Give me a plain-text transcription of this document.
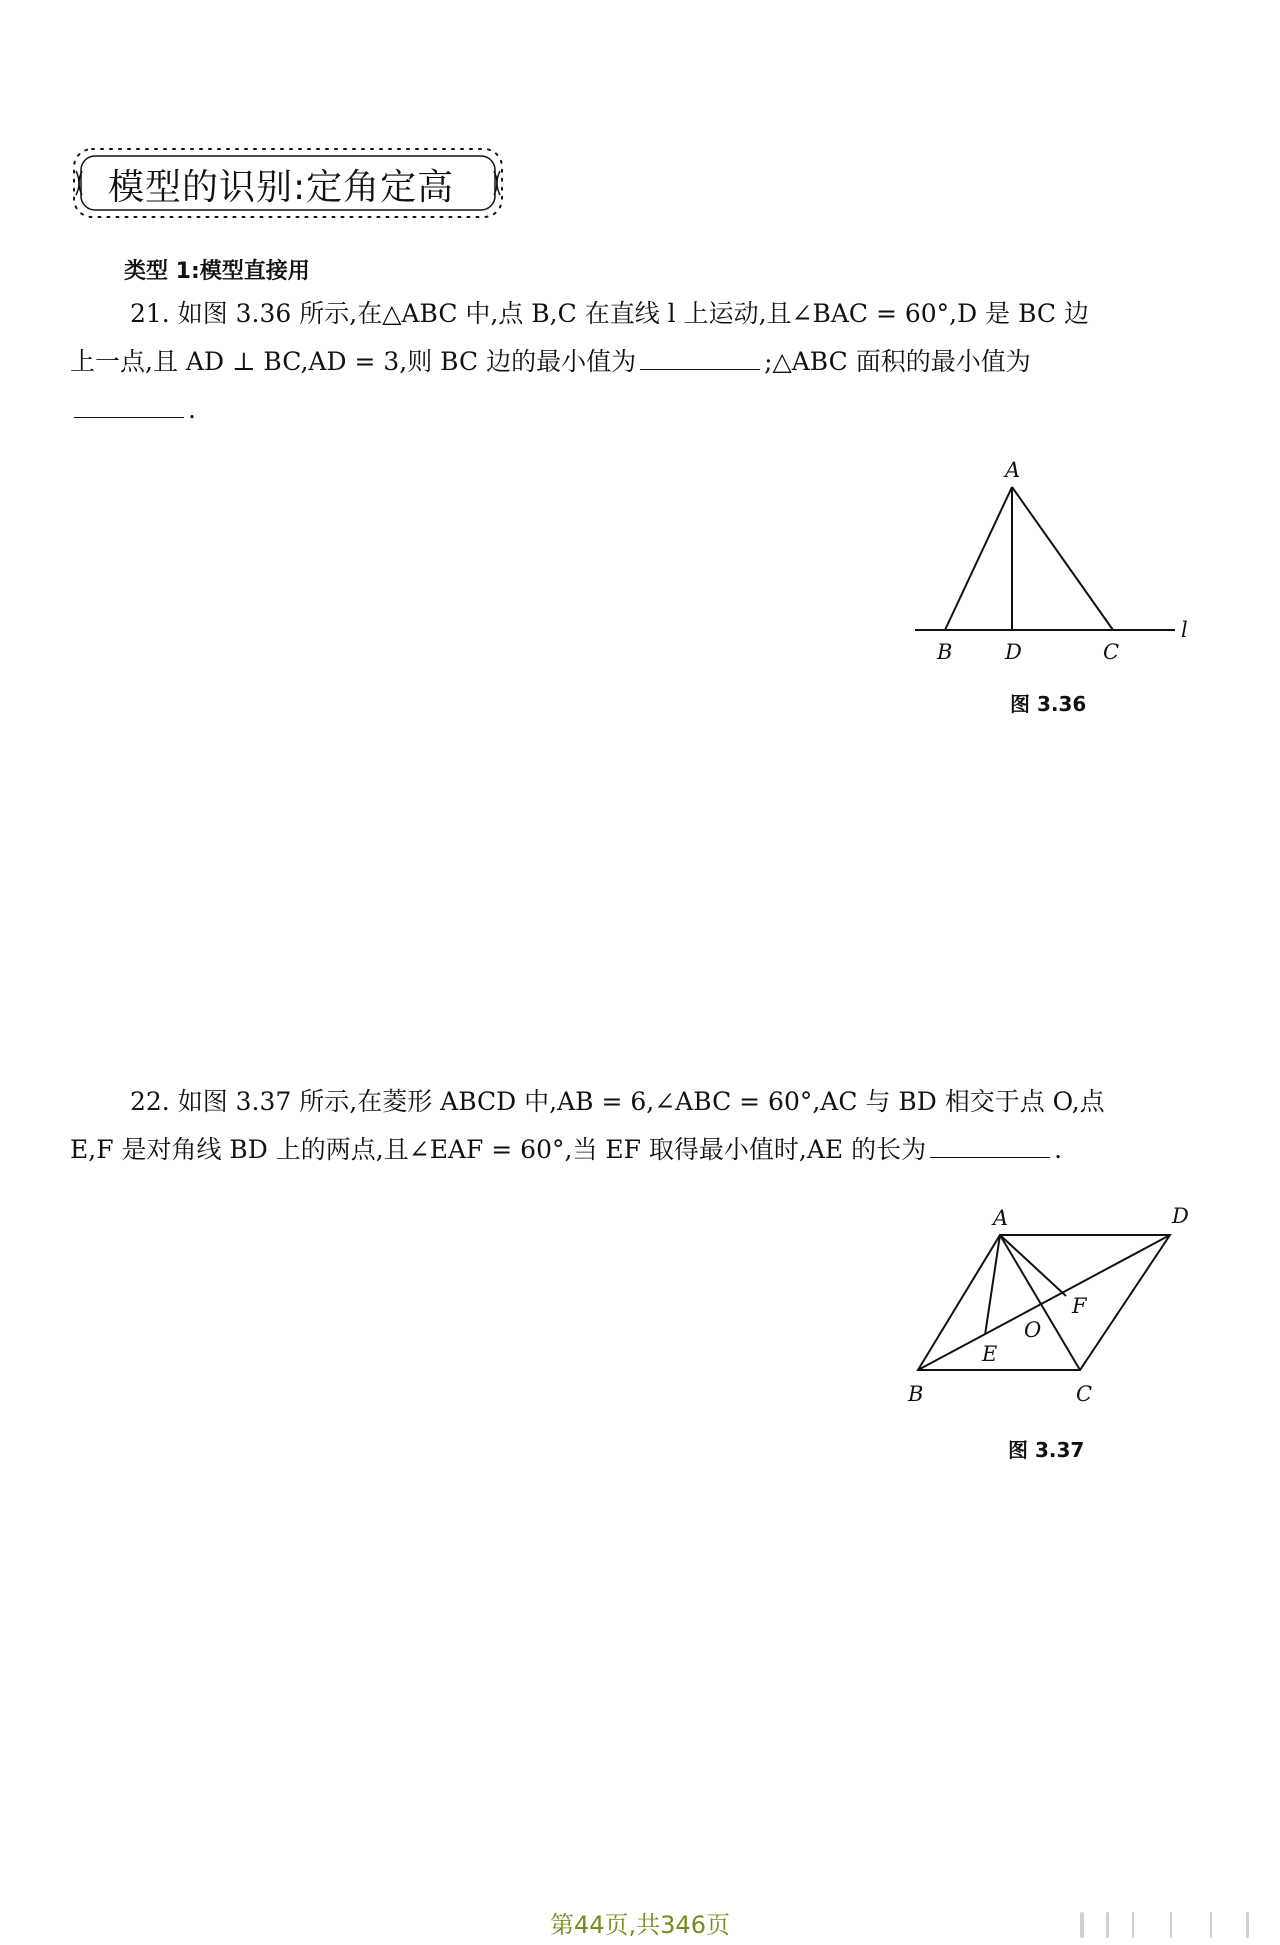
模型的识别:定角定高
类型 1:模型直接用
21. 如图 3.36 所示,在△ABC 中,点 B,C 在直线 l 上运动,且∠BAC = 60°,D 是 BC 边
上一点,且 AD ⊥ BC,AD = 3,则 BC 边的最小值为	;△ABC 面积的最小值为
.
A
B	D	C
l
图 3.36
22. 如图 3.37 所示,在菱形 ABCD 中,AB = 6,∠ABC = 60°,AC 与 BD 相交于点 O,点
E,F 是对角线 BD 上的两点,且∠EAF = 60°,当 EF 取得最小值时,AE 的长为	.
A	D
B	C
E
F
O
图 3.37
第44页,共346页
